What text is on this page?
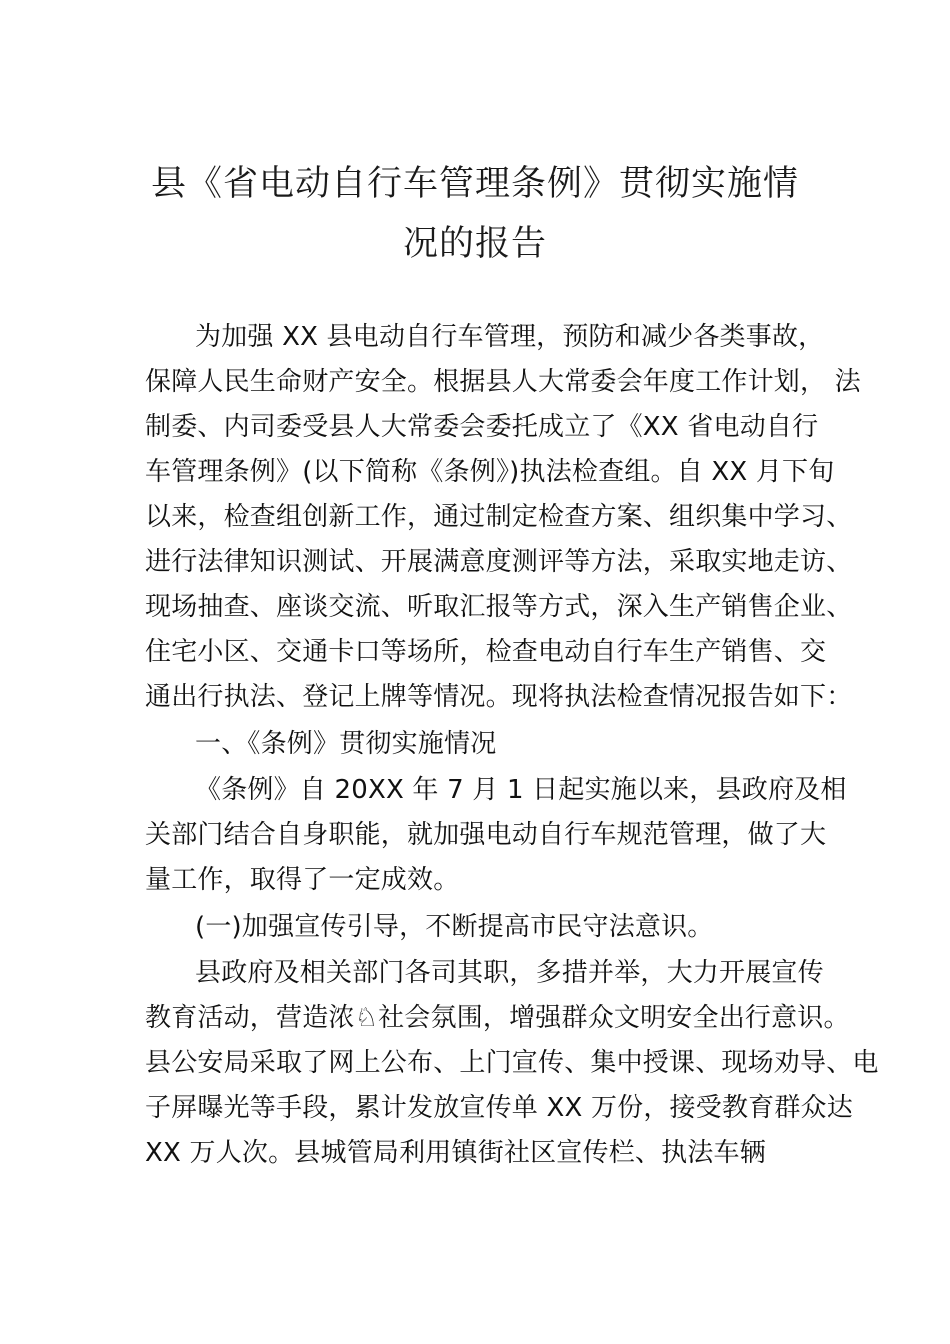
县《省电动自行车管理条例》贯彻实施情
况的报告
为加强 XX 县电动自行车管理，预防和减少各类事故，
保障人民生命财产安全。根据县人大常委会年度工作计划， 法
制委、内司委受县人大常委会委托成立了《XX 省电动自行
车管理条例》(以下简称《条例》)执法检查组。自 XX 月下旬
以来，检查组创新工作，通过制定检查方案、组织集中学习、
进行法律知识测试、开展满意度测评等方法，采取实地走访、
现场抽查、座谈交流、听取汇报等方式，深入生产销售企业、
住宅小区、交通卡口等场所，检查电动自行车生产销售、交
通出行执法、登记上牌等情况。现将执法检查情况报告如下：
一、《条例》贯彻实施情况
《条例》自 20XX 年 7 月 1 日起实施以来，县政府及相
关部门结合自身职能，就加强电动自行车规范管理，做了大
量工作，取得了一定成效。
(一)加强宣传引导，不断提高市民守法意识。
县政府及相关部门各司其职，多措并举，大力开展宣传
教育活动，营造浓♘社会氛围，增强群众文明安全出行意识。
县公安局采取了网上公布、上门宣传、集中授课、现场劝导、电
子屏曝光等手段，累计发放宣传单 XX 万份，接受教育群众达
XX 万人次。县城管局利用镇街社区宣传栏、执法车辆
